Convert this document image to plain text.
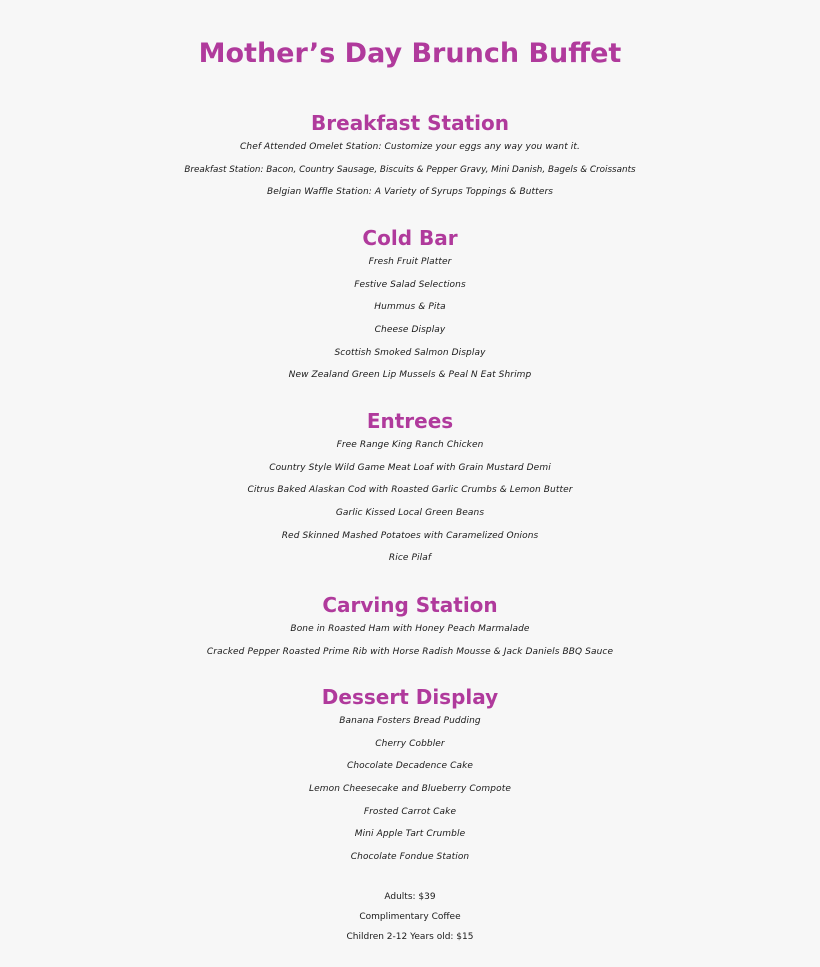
Mother’s Day Brunch Buffet
Breakfast Station
Chef Attended Omelet Station: Customize your eggs any way you want it.
Breakfast Station: Bacon, Country Sausage, Biscuits & Pepper Gravy, Mini Danish, Bagels & Croissants
Belgian Waffle Station: A Variety of Syrups Toppings & Butters
Cold Bar
Fresh Fruit Platter
Festive Salad Selections
Hummus & Pita
Cheese Display
Scottish Smoked Salmon Display
New Zealand Green Lip Mussels & Peal N Eat Shrimp
Entrees
Free Range King Ranch Chicken
Country Style Wild Game Meat Loaf with Grain Mustard Demi
Citrus Baked Alaskan Cod with Roasted Garlic Crumbs & Lemon Butter
Garlic Kissed Local Green Beans
Red Skinned Mashed Potatoes with Caramelized Onions
Rice Pilaf
Carving Station
Bone in Roasted Ham with Honey Peach Marmalade
Cracked Pepper Roasted Prime Rib with Horse Radish Mousse & Jack Daniels BBQ Sauce
Dessert Display
Banana Fosters Bread Pudding
Cherry Cobbler
Chocolate Decadence Cake
Lemon Cheesecake and Blueberry Compote
Frosted Carrot Cake
Mini Apple Tart Crumble
Chocolate Fondue Station
Adults: $39
Complimentary Coffee
Children 2-12 Years old: $15
